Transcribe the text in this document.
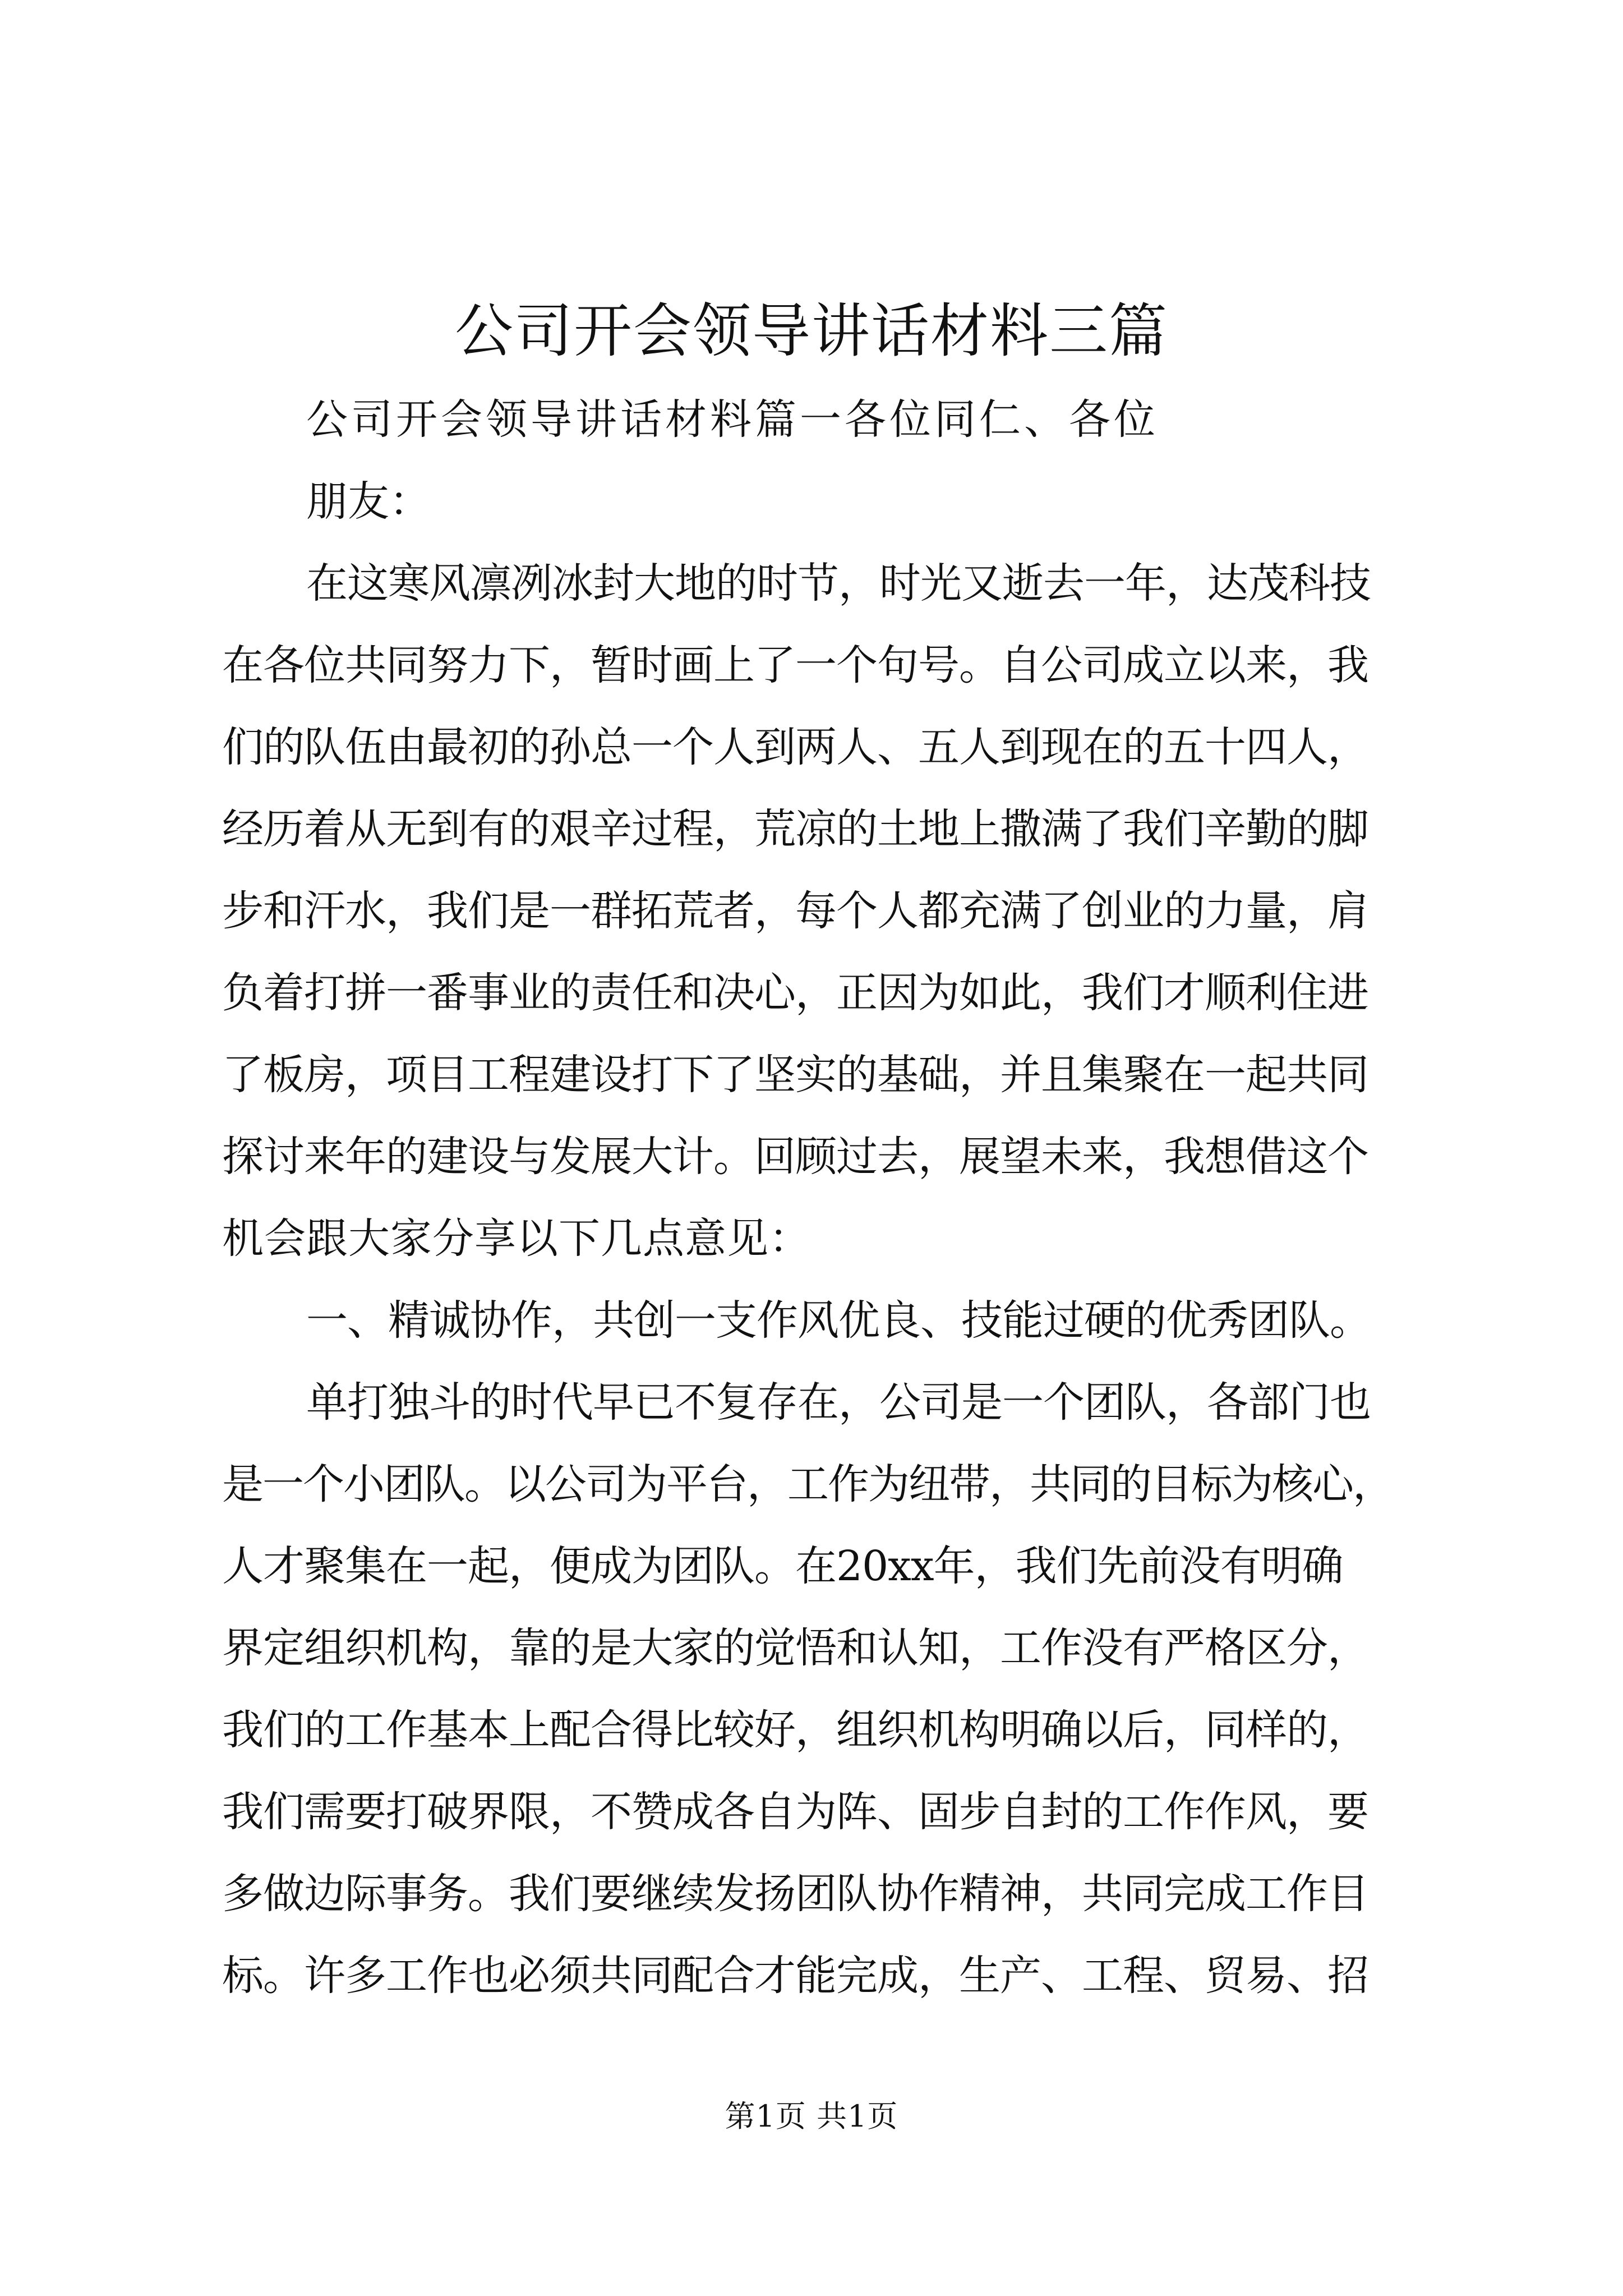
公司开会领导讲话材料三篇
公司开会领导讲话材料篇一各位同仁、各位
朋友：
在这寒风凛冽冰封大地的时节，时光又逝去一年，达茂科技
在各位共同努力下，暂时画上了一个句号。自公司成立以来，我
们的队伍由最初的孙总一个人到两人、五人到现在的五十四人，
经历着从无到有的艰辛过程，荒凉的土地上撒满了我们辛勤的脚
步和汗水，我们是一群拓荒者，每个人都充满了创业的力量，肩
负着打拼一番事业的责任和决心，正因为如此，我们才顺利住进
了板房，项目工程建设打下了坚实的基础，并且集聚在一起共同
探讨来年的建设与发展大计。回顾过去，展望未来，我想借这个
机会跟大家分享以下几点意见：
一、精诚协作，共创一支作风优良、技能过硬的优秀团队。
单打独斗的时代早已不复存在，公司是一个团队，各部门也
是一个小团队。以公司为平台，工作为纽带，共同的目标为核心，
人才聚集在一起，便成为团队。在20xx年，我们先前没有明确
界定组织机构，靠的是大家的觉悟和认知，工作没有严格区分，
我们的工作基本上配合得比较好，组织机构明确以后，同样的，
我们需要打破界限，不赞成各自为阵、固步自封的工作作风，要
多做边际事务。我们要继续发扬团队协作精神，共同完成工作目
标。许多工作也必须共同配合才能完成，生产、工程、贸易、招
第1页 共1页
